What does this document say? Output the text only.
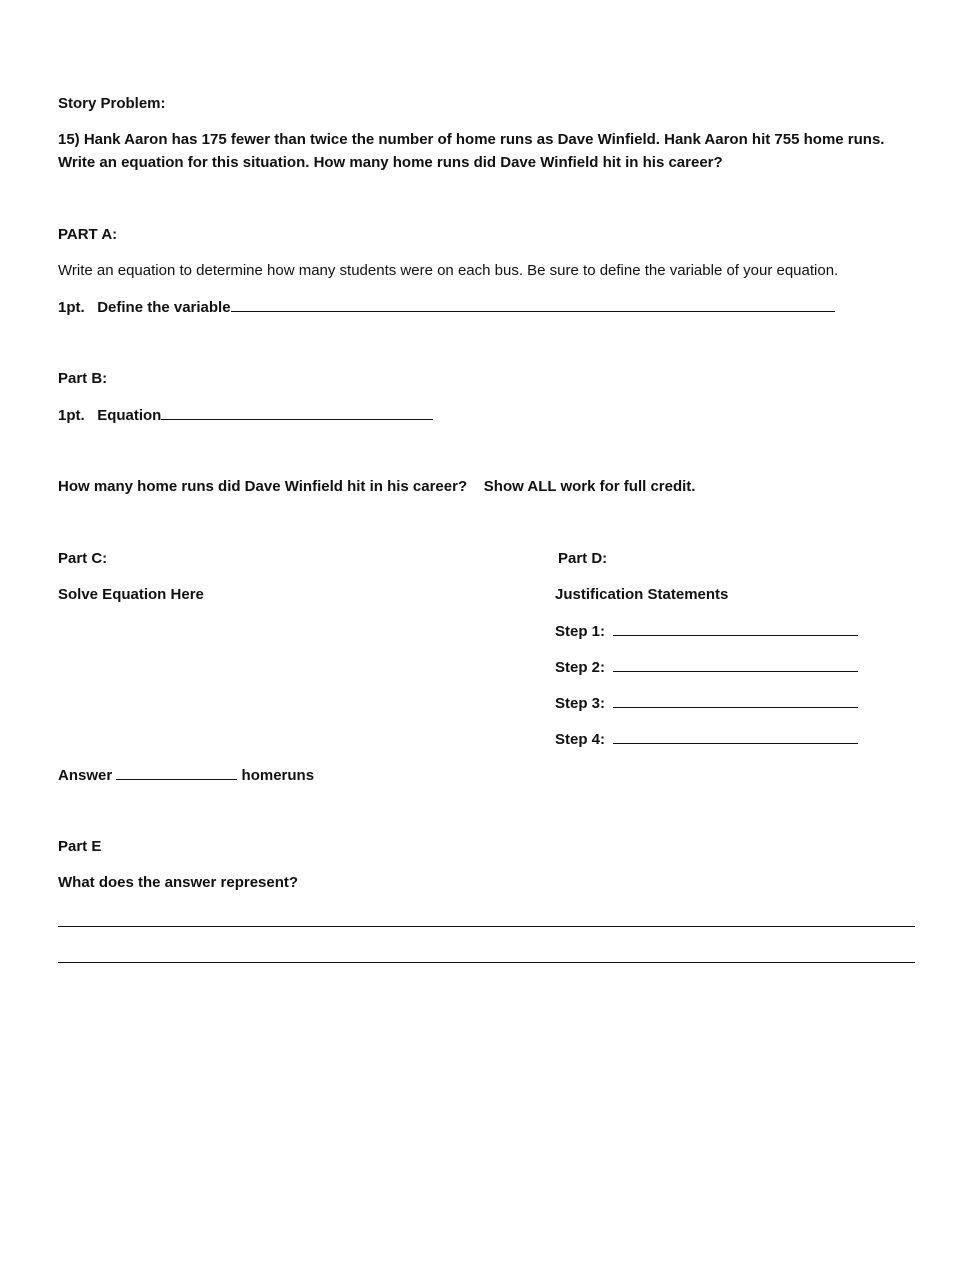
Story Problem:
15) Hank Aaron has 175 fewer than twice the number of home runs as Dave Winfield. Hank Aaron hit 755 home runs.
Write an equation for this situation. How many home runs did Dave Winfield hit in his career?
PART A:
Write an equation to determine how many students were on each bus. Be sure to define the variable of your equation.
1pt. Define the variable
Part B:
1pt. Equation
How many home runs did Dave Winfield hit in his career?    Show ALL work for full credit.
Part C:
Solve Equation Here
Part D:
Justification Statements
Step 1:
Step 2:
Step 3:
Step 4:
Answer	homeruns
Part E
What does the answer represent?
